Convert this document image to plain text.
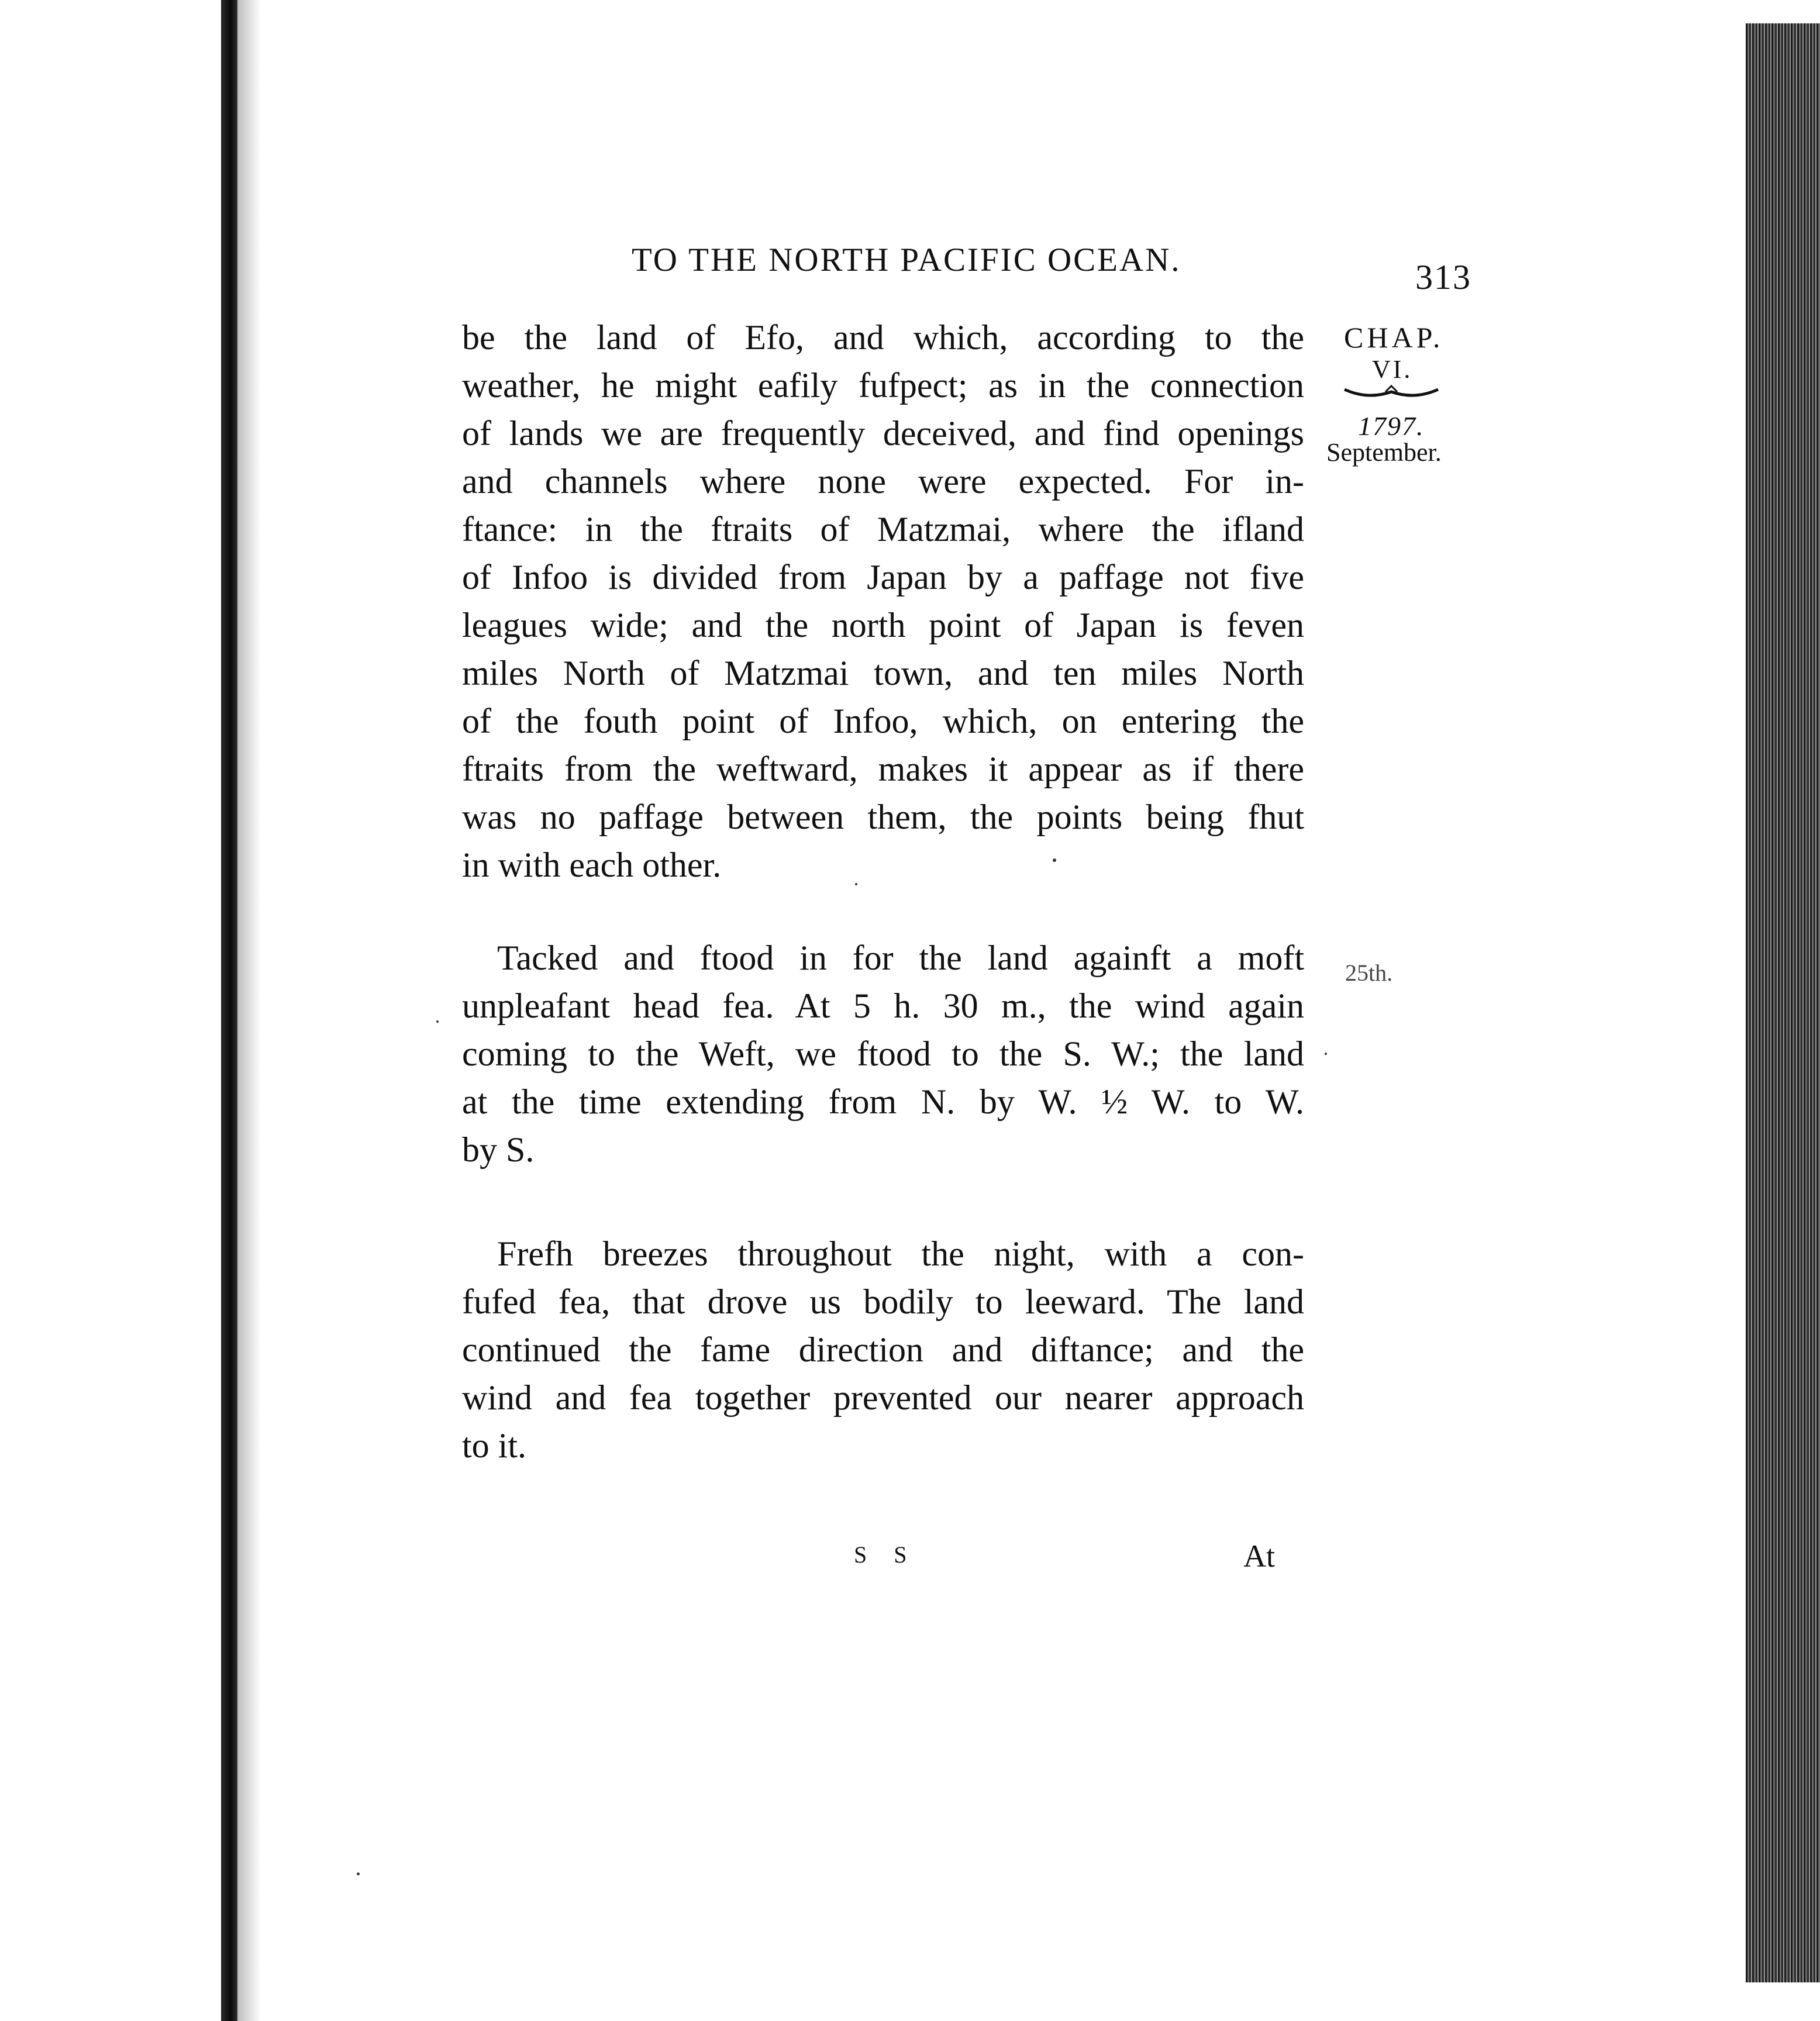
TO THE NORTH PACIFIC OCEAN.	313
CHAP.
VI.
1797.
September.
25th.
be the land of Efo, and which, according to the
weather, he might eafily fufpect; as in the connection
of lands we are frequently deceived, and find openings
and channels where none were expected. For in-
ftance: in the ftraits of Matzmai, where the ifland
of Infoo is divided from Japan by a paffage not five
leagues wide; and the north point of Japan is feven
miles North of Matzmai town, and ten miles North
of the fouth point of Infoo, which, on entering the
ftraits from the weftward, makes it appear as if there
was no paffage between them, the points being fhut
in with each other.
Tacked and ftood in for the land againft a moft
unpleafant head fea. At 5 h. 30 m., the wind again
coming to the Weft, we ftood to the S. W.; the land
at the time extending from N. by W. ½ W. to W.
by S.
Frefh breezes throughout the night, with a con-
fufed fea, that drove us bodily to leeward. The land
continued the fame direction and diftance; and the
wind and fea together prevented our nearer approach
to it.
S S	At
